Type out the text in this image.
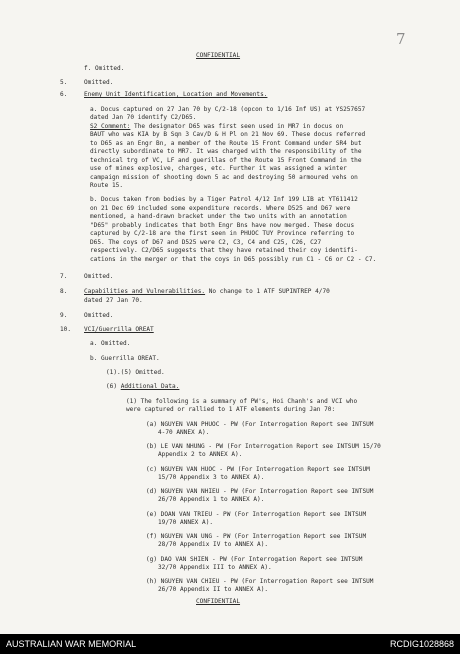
7
CONFIDENTIAL
f. Omitted.
5.	Omitted.
6.	Enemy Unit Identification, Location and Movements.
a. Docus captured on 27 Jan 70 by C/2-18 (opcon to 1/16 Inf US) at YS257657
dated Jan 70 identify C2/D65.
S2 Comment: The designator D65 was first seen used in MR7 in docus on
BAUT who was KIA by B Sqn 3 Cav/D & H Pl on 21 Nov 69. These docus referred
to D65 as an Engr Bn, a member of the Route 15 Front Command under SR4 but
directly subordinate to MR7. It was charged with the responsibility of the
technical trg of VC, LF and guerillas of the Route 15 Front Command in the
use of mines explosive, charges, etc. Further it was assigned a winter
campaign mission of shooting down 5 ac and destroying 50 armoured vehs on
Route 15.
b. Docus taken from bodies by a Tiger Patrol 4/12 Inf 199 LIB at YT611412
on 21 Dec 69 included some expenditure records. Where D525 and D67 were
mentioned, a hand-drawn bracket under the two units with an annotation
"D65" probably indicates that both Engr Bns have now merged. These docus
captured by C/2-18 are the first seen in PHUOC TUY Province referring to
D65. The coys of D67 and D525 were C2, C3, C4 and C25, C26, C27
respectively. C2/D65 suggests that they have retained their coy identifi-
cations in the merger or that the coys in D65 possibly run C1 - C6 or C2 - C7.
7.	Omitted.
8.	Capabilities and Vulnerabilities. No change to 1 ATF SUPINTREP 4/70
dated 27 Jan 70.
9.	Omitted.
10. VCI/Guerrilla OREAT
a. Omitted.
b. Guerrilla OREAT.
(1).(5) Omitted.
(6) Additional Data.
(1) The following is a summary of PW's, Hoi Chanh's and VCI who
were captured or rallied to 1 ATF elements during Jan 70:
(a) NGUYEN VAN PHUOC - PW (For Interrogation Report see INTSUM
4-70 ANNEX A).
(b) LE VAN NHUNG - PW (For Interrogation Report see INTSUM 15/70
Appendix 2 to ANNEX A).
(c) NGUYEN VAN HUOC - PW (For Interrogation Report see INTSUM
15/70 Appendix 3 to ANNEX A).
(d) NGUYEN VAN NHIEU - PW (For Interrogation Report see INTSUM
26/70 Appendix 1 to ANNEX A).
(e) DOAN VAN TRIEU - PW (For Interrogation Report see INTSUM
19/70 ANNEX A).
(f) NGUYEN VAN UNG - PW (For Interrogation Report see INTSUM
28/70 Appendix IV to ANNEX A).
(g) DAO VAN SHIEN - PW (For Interrogation Report see INTSUM
32/70 Appendix III to ANNEX A).
(h) NGUYEN VAN CHIEU - PW (For Interrogation Report see INTSUM
26/70 Appendix II to ANNEX A).
CONFIDENTIAL
AUSTRALIAN WAR MEMORIAL	RCDIG1028868
